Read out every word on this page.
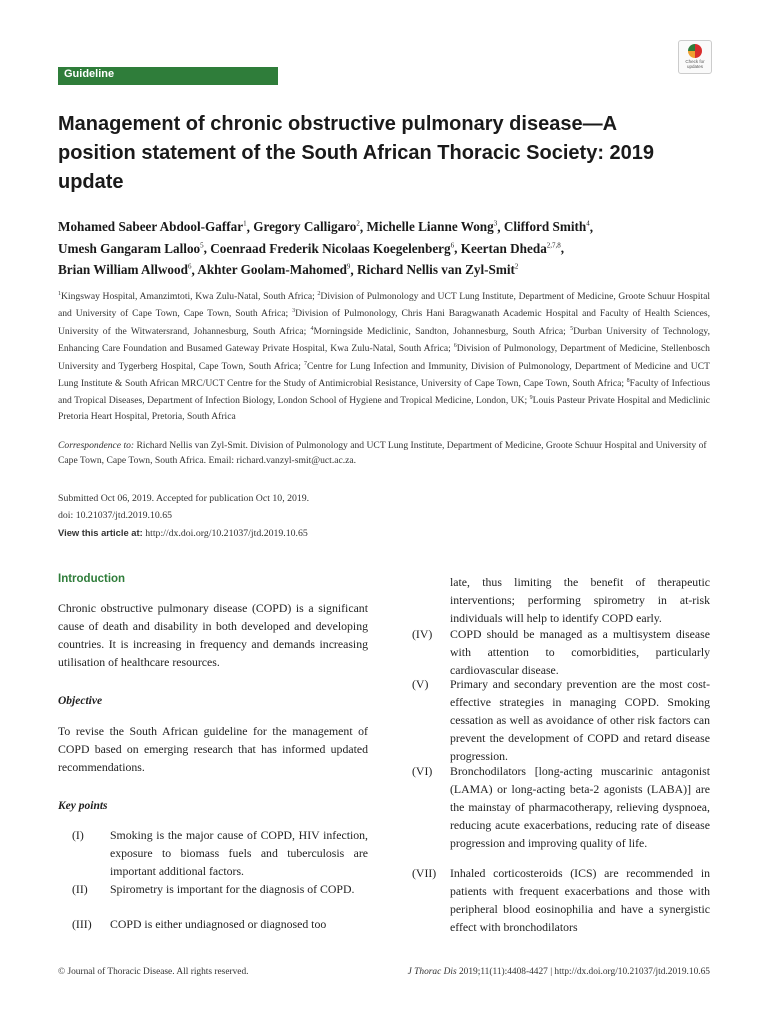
Guideline
Check for updates
Management of chronic obstructive pulmonary disease—A position statement of the South African Thoracic Society: 2019 update
Mohamed Sabeer Abdool-Gaffar$^1$, Gregory Calligaro$^2$, Michelle Lianne Wong$^3$, Clifford Smith$^4$,
Umesh Gangaram Lalloo$^5$, Coenraad Frederik Nicolaas Koegelenberg$^6$, Keertan Dheda$^{2,7,8}$,
Brian William Allwood$^6$, Akhter Goolam-Mahomed$^9$, Richard Nellis van Zyl-Smit$^2$
$^1$Kingsway Hospital, Amanzimtoti, Kwa Zulu-Natal, South Africa; $^2$Division of Pulmonology and UCT Lung Institute, Department of Medicine, Groote Schuur Hospital and University of Cape Town, Cape Town, South Africa; $^3$Division of Pulmonology, Chris Hani Baragwanath Academic Hospital and Faculty of Health Sciences, University of the Witwatersrand, Johannesburg, South Africa; $^4$Morningside Mediclinic, Sandton, Johannesburg, South Africa; $^5$Durban University of Technology, Enhancing Care Foundation and Busamed Gateway Private Hospital, Kwa Zulu-Natal, South Africa; $^6$Division of Pulmonology, Department of Medicine, Stellenbosch University and Tygerberg Hospital, Cape Town, South Africa; $^7$Centre for Lung Infection and Immunity, Division of Pulmonology, Department of Medicine and UCT Lung Institute & South African MRC/UCT Centre for the Study of Antimicrobial Resistance, University of Cape Town, Cape Town, South Africa; $^8$Faculty of Infectious and Tropical Diseases, Department of Infection Biology, London School of Hygiene and Tropical Medicine, London, UK; $^9$Louis Pasteur Private Hospital and Mediclinic Pretoria Heart Hospital, Pretoria, South Africa
Correspondence to: Richard Nellis van Zyl-Smit. Division of Pulmonology and UCT Lung Institute, Department of Medicine, Groote Schuur Hospital and University of Cape Town, Cape Town, South Africa. Email: richard.vanzyl-smit@uct.ac.za.
Submitted Oct 06, 2019. Accepted for publication Oct 10, 2019.
doi: 10.21037/jtd.2019.10.65
View this article at: http://dx.doi.org/10.21037/jtd.2019.10.65
Introduction
Chronic obstructive pulmonary disease (COPD) is a significant cause of death and disability in both developed and developing countries. It is increasing in frequency and demands increasing utilisation of healthcare resources.
Objective
To revise the South African guideline for the management of COPD based on emerging research that has informed updated recommendations.
Key points
(I)	Smoking is the major cause of COPD, HIV infection, exposure to biomass fuels and tuberculosis are important additional factors.
(II)	Spirometry is important for the diagnosis of COPD.
(III)	COPD is either undiagnosed or diagnosed too
late, thus limiting the benefit of therapeutic interventions; performing spirometry in at-risk individuals will help to identify COPD early.
(IV)	COPD should be managed as a multisystem disease with attention to comorbidities, particularly cardiovascular disease.
(V)	Primary and secondary prevention are the most cost-effective strategies in managing COPD. Smoking cessation as well as avoidance of other risk factors can prevent the development of COPD and retard disease progression.
(VI)	Bronchodilators [long-acting muscarinic antagonist (LAMA) or long-acting beta-2 agonists (LABA)] are the mainstay of pharmacotherapy, relieving dyspnoea, reducing acute exacerbations, reducing rate of disease progression and improving quality of life.
(VII)	Inhaled corticosteroids (ICS) are recommended in patients with frequent exacerbations and those with peripheral blood eosinophilia and have a synergistic effect with bronchodilators
© Journal of Thoracic Disease. All rights reserved.	J Thorac Dis 2019;11(11):4408-4427 | http://dx.doi.org/10.21037/jtd.2019.10.65
